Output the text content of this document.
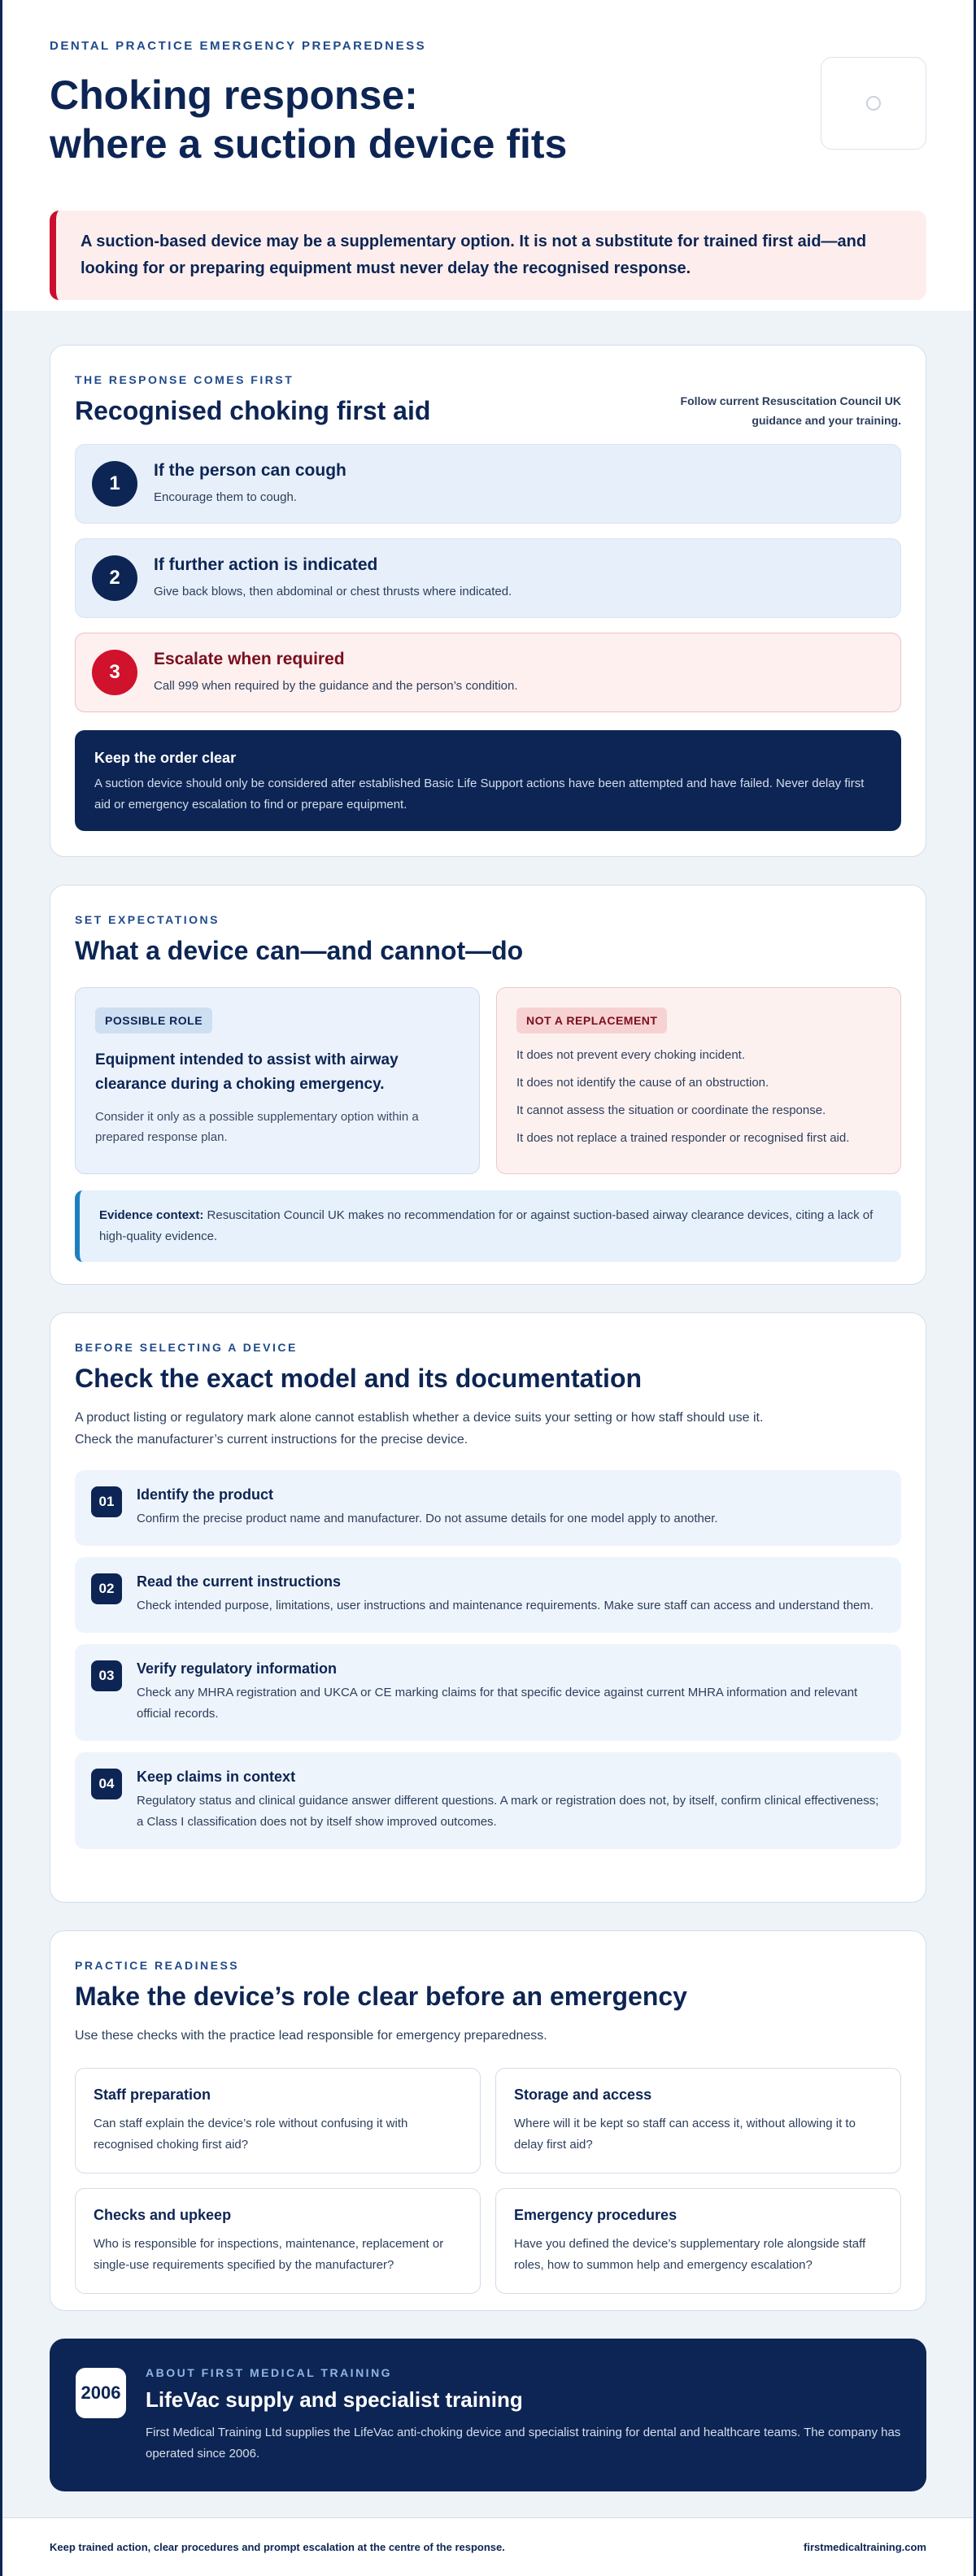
DENTAL PRACTICE EMERGENCY PREPAREDNESS
Choking response:
where a suction device fits
A suction-based device may be a supplementary option. It is not a substitute for trained first aid—and looking for or preparing equipment must never delay the recognised response.
THE RESPONSE COMES FIRST
Recognised choking first aid	Follow current Resuscitation Council UK guidance and your training.
1
If the person can cough
Encourage them to cough.
2
If further action is indicated
Give back blows, then abdominal or chest thrusts where indicated.
3
Escalate when required
Call 999 when required by the guidance and the person’s condition.
Keep the order clear
A suction device should only be considered after established Basic Life Support actions have been attempted and have failed. Never delay first aid or emergency escalation to find or prepare equipment.
SET EXPECTATIONS
What a device can—and cannot—do
POSSIBLE ROLE
Equipment intended to assist with airway clearance during a choking emergency.
Consider it only as a possible supplementary option within a prepared response plan.
NOT A REPLACEMENT
It does not prevent every choking incident.
It does not identify the cause of an obstruction.
It cannot assess the situation or coordinate the response.
It does not replace a trained responder or recognised first aid.
Evidence context: Resuscitation Council UK makes no recommendation for or against suction-based airway clearance devices, citing a lack of high-quality evidence.
BEFORE SELECTING A DEVICE
Check the exact model and its documentation
A product listing or regulatory mark alone cannot establish whether a device suits your setting or how staff should use it.
Check the manufacturer’s current instructions for the precise device.
01	Identify the product
Confirm the precise product name and manufacturer. Do not assume details for one model apply to another.
02	Read the current instructions
Check intended purpose, limitations, user instructions and maintenance requirements. Make sure staff can access and understand them.
03	Verify regulatory information
Check any MHRA registration and UKCA or CE marking claims for that specific device against current MHRA information and relevant official records.
04	Keep claims in context
Regulatory status and clinical guidance answer different questions. A mark or registration does not, by itself, confirm clinical effectiveness; a Class I classification does not by itself show improved outcomes.
PRACTICE READINESS
Make the device’s role clear before an emergency
Use these checks with the practice lead responsible for emergency preparedness.
Staff preparation
Can staff explain the device’s role without confusing it with recognised choking first aid?
Storage and access
Where will it be kept so staff can access it, without allowing it to delay first aid?
Checks and upkeep
Who is responsible for inspections, maintenance, replacement or single-use requirements specified by the manufacturer?
Emergency procedures
Have you defined the device’s supplementary role alongside staff roles, how to summon help and emergency escalation?
2006
ABOUT FIRST MEDICAL TRAINING
LifeVac supply and specialist training
First Medical Training Ltd supplies the LifeVac anti-choking device and specialist training for dental and healthcare teams. The company has operated since 2006.
Keep trained action, clear procedures and prompt escalation at the centre of the response.	firstmedicaltraining.com
